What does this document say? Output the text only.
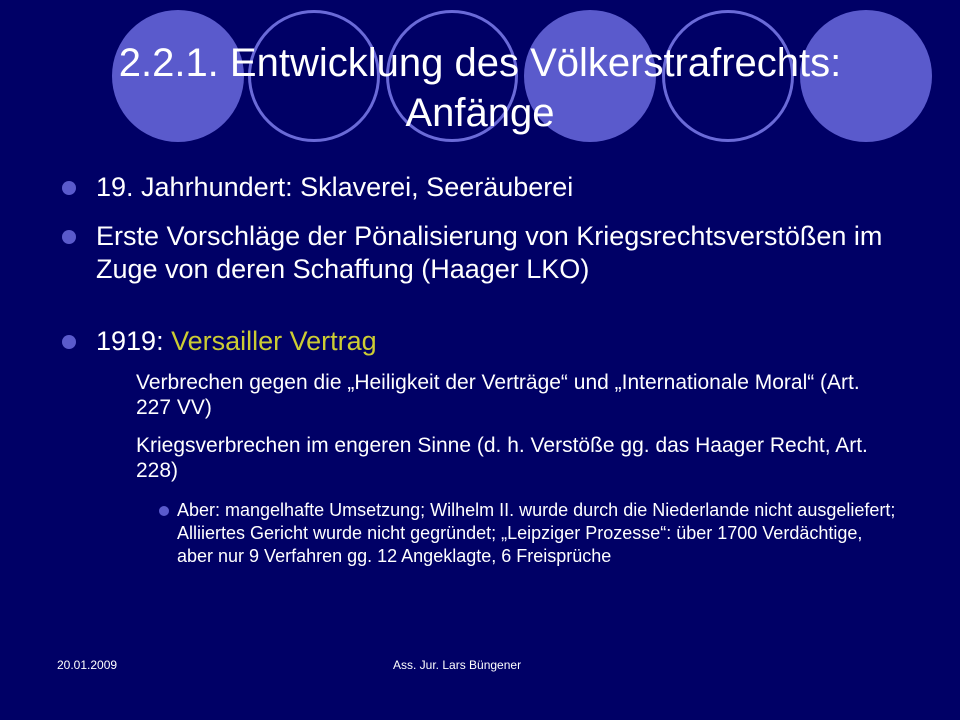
2.2.1. Entwicklung des Völkerstrafrechts:
Anfänge
19. Jahrhundert: Sklaverei, Seeräuberei
Erste Vorschläge der Pönalisierung von Kriegsrechtsverstößen im Zuge von deren Schaffung (Haager LKO)
1919: Versailler Vertrag
Verbrechen gegen die „Heiligkeit der Verträge“ und „Internationale Moral“ (Art. 227 VV)
Kriegsverbrechen im engeren Sinne (d. h. Verstöße gg. das Haager Recht, Art. 228)
Aber: mangelhafte Umsetzung; Wilhelm II. wurde durch die Niederlande nicht ausgeliefert; Alliiertes Gericht wurde nicht gegründet; „Leipziger Prozesse“: über 1700 Verdächtige, aber nur 9 Verfahren gg. 12 Angeklagte, 6 Freisprüche
20.01.2009	Ass. Jur. Lars Büngener
